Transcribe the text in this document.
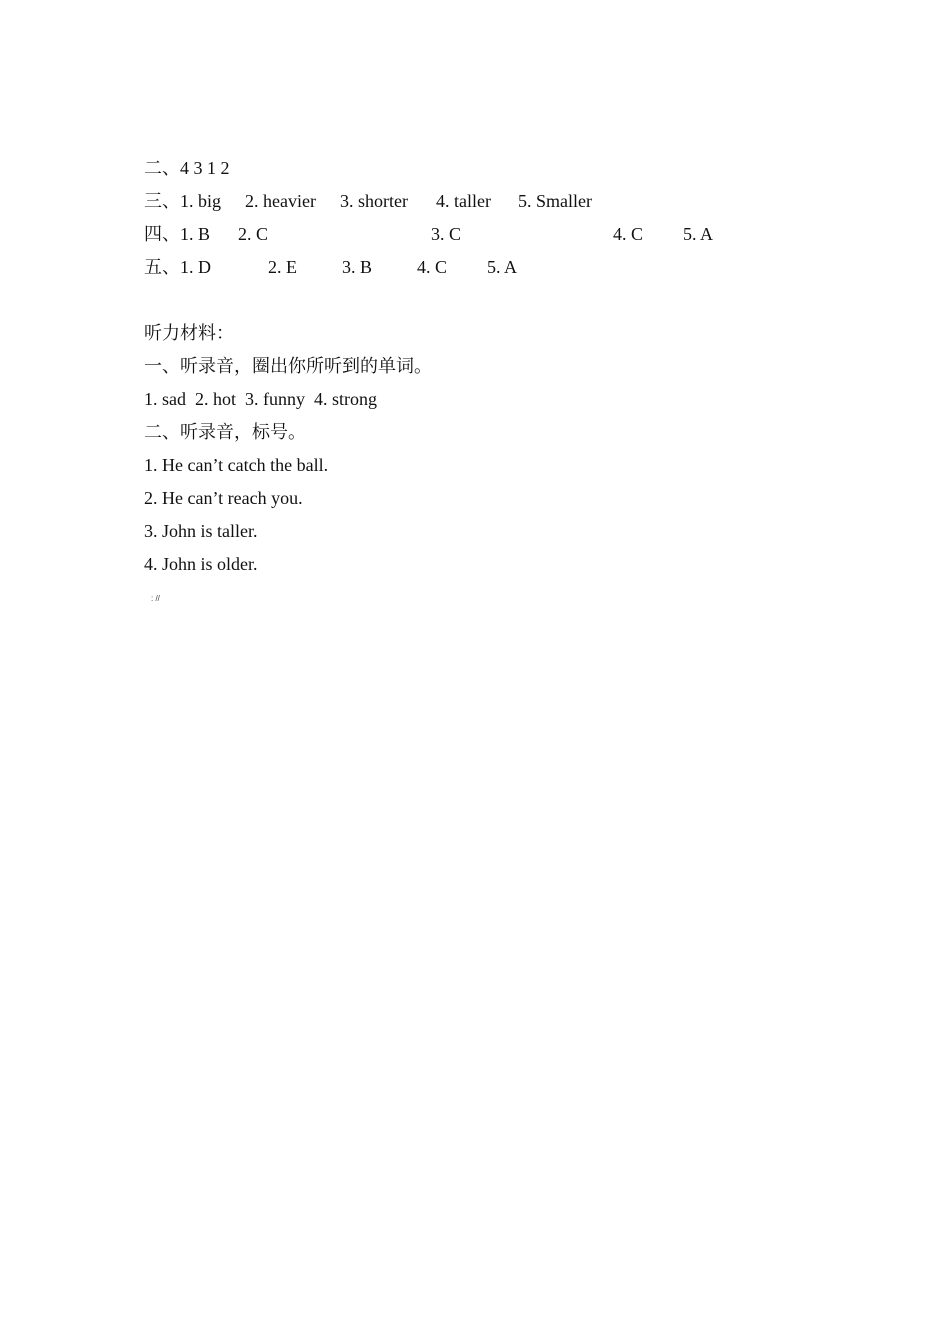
二、4 3 1 2
三、1. big 2. heavier 3. shorter 4. taller 5. Smaller
四、1. B 2. C	3. C	4. C 5. A
五、1. D	2. E	3. B 4. C 5. A
听力材料：
一、听录音，圈出你所听到的单词。
1. sad  2. hot  3. funny  4. strong
二、听录音，标号。
1. He can’t catch the ball.
2. He can’t reach you.
3. John is taller.
4. John is older.
: //
